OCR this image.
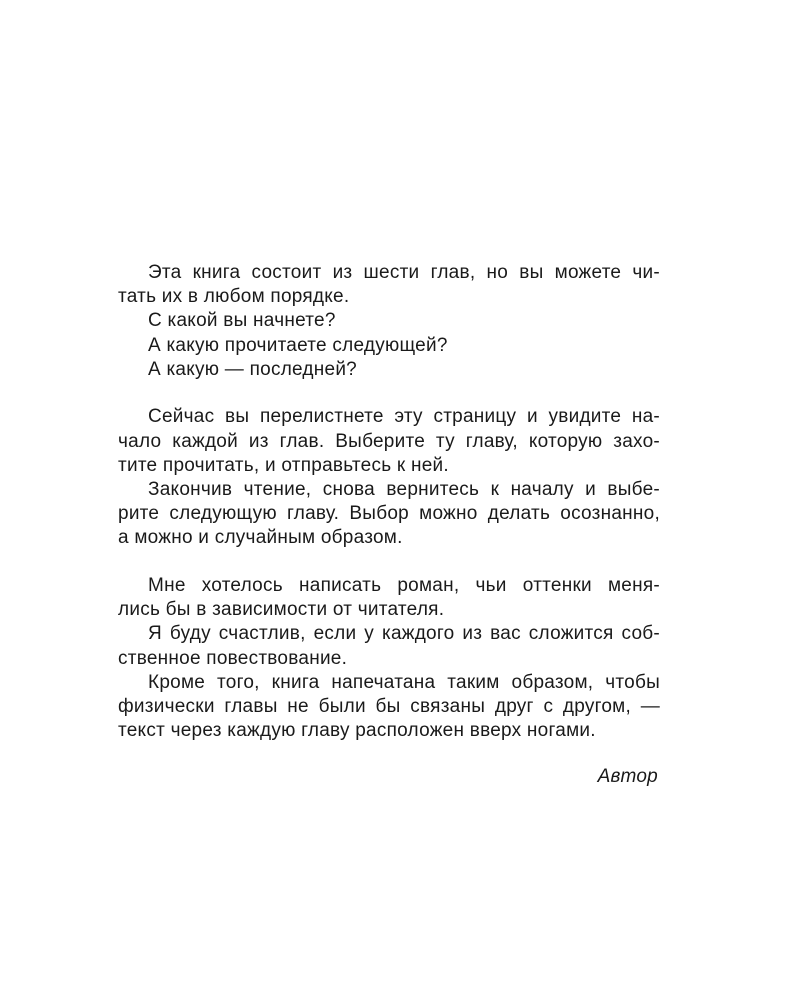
Эта книга состоит из шести глав, но вы можете чи-
тать их в любом порядке.
С какой вы начнете?
А какую прочитаете следующей?
А какую — последней?
Сейчас вы перелистнете эту страницу и увидите на-
чало каждой из глав. Выберите ту главу, которую захо-
тите прочитать, и отправьтесь к ней.
Закончив чтение, снова вернитесь к началу и выбе-
рите следующую главу. Выбор можно делать осознанно,
а можно и случайным образом.
Мне хотелось написать роман, чьи оттенки меня-
лись бы в зависимости от читателя.
Я буду счастлив, если у каждого из вас сложится соб-
ственное повествование.
Кроме того, книга напечатана таким образом, чтобы
физически главы не были бы связаны друг с другом, —
текст через каждую главу расположен вверх ногами.
Автор
